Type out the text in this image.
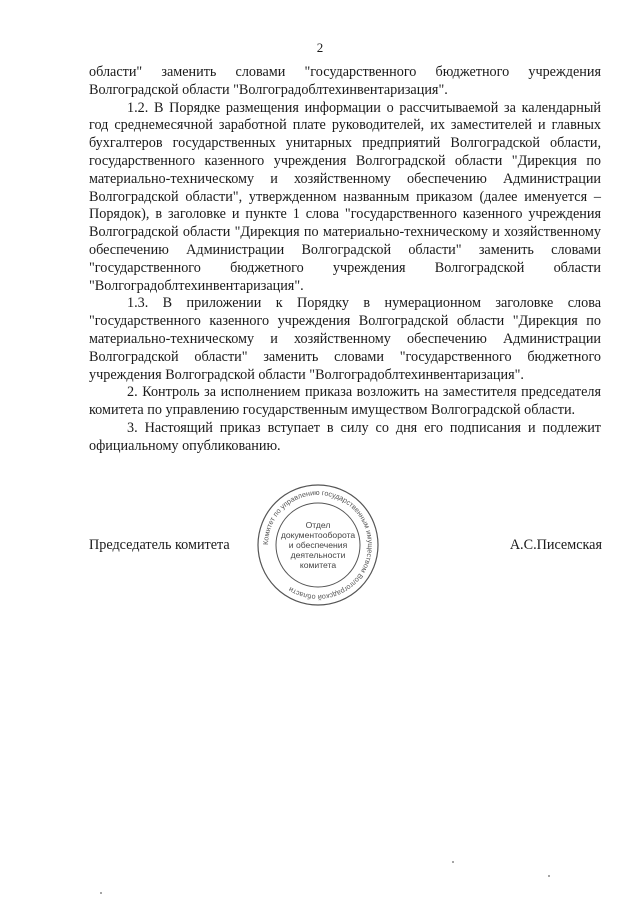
2

области" заменить словами "государственного бюджетного учреждения Волгоградской области "Волгоградоблтехинвентаризация".

1.2. В Порядке размещения информации о рассчитываемой за календарный год среднемесячной заработной плате руководителей, их заместителей и главных бухгалтеров государственных унитарных предприятий Волгоградской области, государственного казенного учреждения Волгоградской области "Дирекция по материально-техническому и хозяйственному обеспечению Администрации Волгоградской области", утвержденном названным приказом (далее именуется – Порядок), в заголовке и пункте 1 слова "государственного казенного учреждения Волгоградской области "Дирекция по материально-техническому и хозяйственному обеспечению Администрации Волгоградской области" заменить словами "государственного бюджетного учреждения Волгоградской области "Волгоградоблтехинвентаризация".

1.3. В приложении к Порядку в нумерационном заголовке слова "государственного казенного учреждения Волгоградской области "Дирекция по материально-техническому и хозяйственному обеспечению Администрации Волгоградской области" заменить словами "государственного бюджетного учреждения Волгоградской области "Волгоградоблтехинвентаризация".

2. Контроль за исполнением приказа возложить на заместителя председателя комитета по управлению государственным имуществом Волгоградской области.

3. Настоящий приказ вступает в силу со дня его подписания и подлежит официальному опубликованию.

Председатель комитета	А.С.Писемская
Комитет по управлению государственным имуществом Волгоградской области
Отдел
документооборота
и обеспечения
деятельности
комитета
